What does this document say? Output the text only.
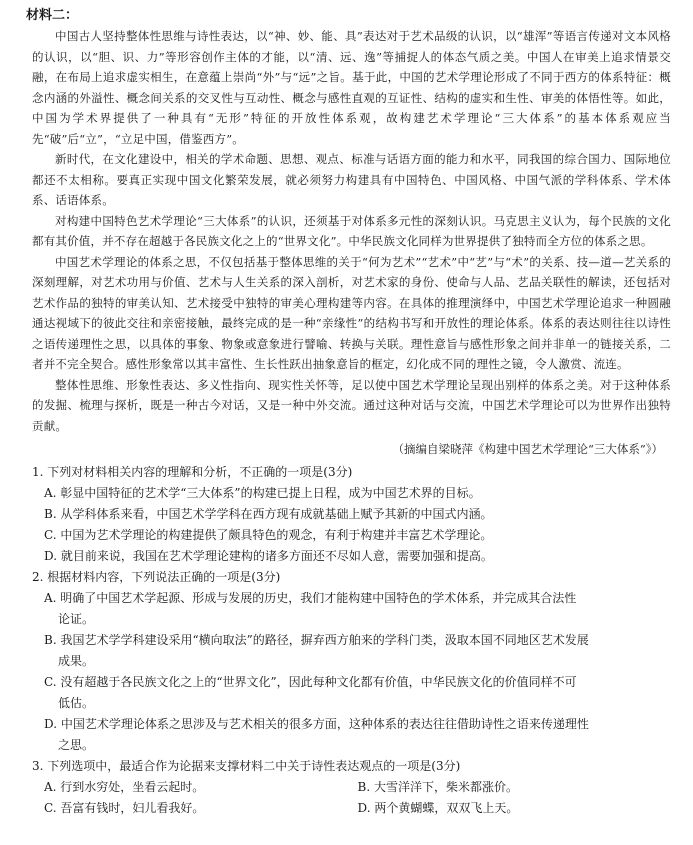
材料二：

中国古人坚持整体性思维与诗性表达，以“神、妙、能、具”表达对于艺术品级的认识，以“雄浑”等语言传递对文本风格的认识，以“胆、识、力”等形容创作主体的才能，以“清、远、逸”等捕捉人的体态气质之美。中国人在审美上追求情景交融，在布局上追求虚实相生，在意蕴上崇尚“外”与“远”之旨。基于此，中国的艺术学理论形成了不同于西方的体系特征：概念内涵的外溢性、概念间关系的交叉性与互动性、概念与感性直观的互证性、结构的虚实和生性、审美的体悟性等。如此，中国为学术界提供了一种具有“无形”特征的开放性体系观，故构建艺术学理论“三大体系”的基本体系观应当先“破”后“立”，“立足中国，借鉴西方”。

新时代，在文化建设中，相关的学术命题、思想、观点、标准与话语方面的能力和水平，同我国的综合国力、国际地位都还不太相称。要真正实现中国文化繁荣发展，就必须努力构建具有中国特色、中国风格、中国气派的学科体系、学术体系、话语体系。

对构建中国特色艺术学理论“三大体系”的认识，还须基于对体系多元性的深刻认识。马克思主义认为，每个民族的文化都有其价值，并不存在超越于各民族文化之上的“世界文化”。中华民族文化同样为世界提供了独特而全方位的体系之思。

中国艺术学理论的体系之思，不仅包括基于整体思维的关于“何为艺术”“艺术”中“艺”与“术”的关系、技—道—艺关系的深刻理解，对艺术功用与价值、艺术与人生关系的深入剖析，对艺术家的身份、使命与人品、艺品关联性的解读，还包括对艺术作品的独特的审美认知、艺术接受中独特的审美心理构建等内容。在具体的推理演绎中，中国艺术学理论追求一种圆融通达视域下的彼此交往和亲密接触，最终完成的是一种“亲缘性”的结构书写和开放性的理论体系。体系的表达则往往以诗性之语传递理性之思，以具体的事象、物象或意象进行譬喻、转换与关联。理性意旨与感性形象之间并非单一的链接关系，二者并不完全契合。感性形象常以其丰富性、生长性跃出抽象意旨的框定，幻化成不同的理性之镜，令人激赏、流连。

整体性思维、形象性表达、多义性指向、现实性关怀等，足以使中国艺术学理论呈现出别样的体系之美。对于这种体系的发掘、梳理与探析，既是一种古今对话，又是一种中外交流。通过这种对话与交流，中国艺术学理论可以为世界作出独特贡献。

（摘编自梁晓萍《构建中国艺术学理论“三大体系”》）
1. 下列对材料相关内容的理解和分析，不正确的一项是(3分)
A. 彰显中国特征的艺术学“三大体系”的构建已提上日程，成为中国艺术界的目标。
B. 从学科体系来看，中国艺术学学科在西方现有成就基础上赋予其新的中国式内涵。
C. 中国为艺术学理论的构建提供了颇具特色的观念，有利于构建并丰富艺术学理论。
D. 就目前来说，我国在艺术学理论建构的诸多方面还不尽如人意，需要加强和提高。
2. 根据材料内容，下列说法正确的一项是(3分)
A. 明确了中国艺术学起源、形成与发展的历史，我们才能构建中国特色的学术体系，并完成其合法性
论证。
B. 我国艺术学学科建设采用“横向取法”的路径，摒弃西方舶来的学科门类，汲取本国不同地区艺术发展
成果。
C. 没有超越于各民族文化之上的“世界文化”，因此每种文化都有价值，中华民族文化的价值同样不可
低估。
D. 中国艺术学理论体系之思涉及与艺术相关的很多方面，这种体系的表达往往借助诗性之语来传递理性
之思。
3. 下列选项中，最适合作为论据来支撑材料二中关于诗性表达观点的一项是(3分)
A. 行到水穷处，坐看云起时。	B. 大雪洋洋下，柴米都涨价。
C. 吾富有钱时，妇儿看我好。	D. 两个黄蝴蝶，双双飞上天。
